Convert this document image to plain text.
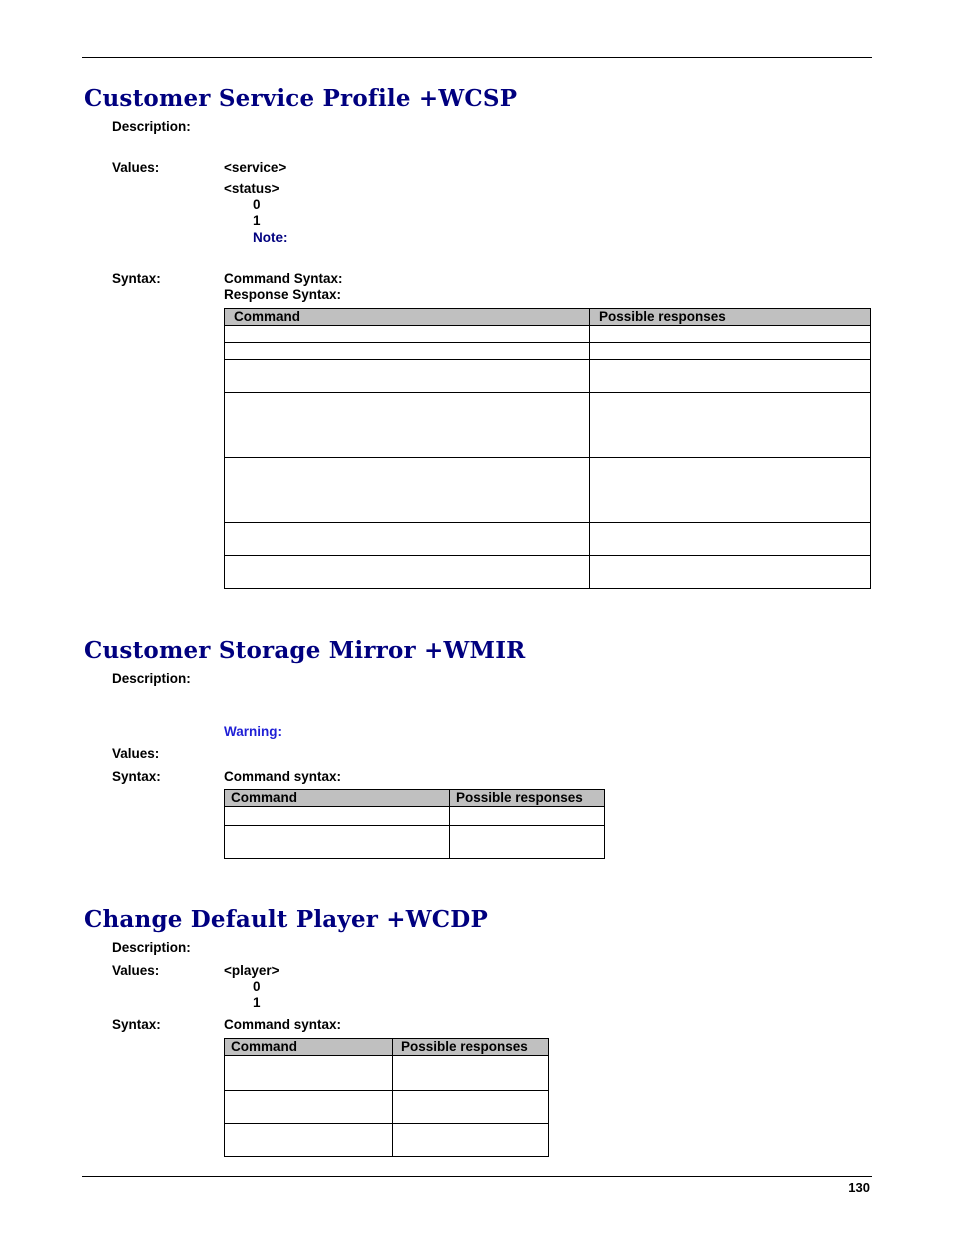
Customer Service Profile +WCSP
Description:
Values:	<service>
<status>
0
1
Note:
Syntax:	Command Syntax:
Response Syntax:
Command	Possible responses

Customer Storage Mirror +WMIR
Description:
Warning:
Values:
Syntax:	Command syntax:
Command	Possible responses

Change Default Player +WCDP
Description:
Values:	<player>
0
1
Syntax:	Command syntax:
Command	Possible responses

130
